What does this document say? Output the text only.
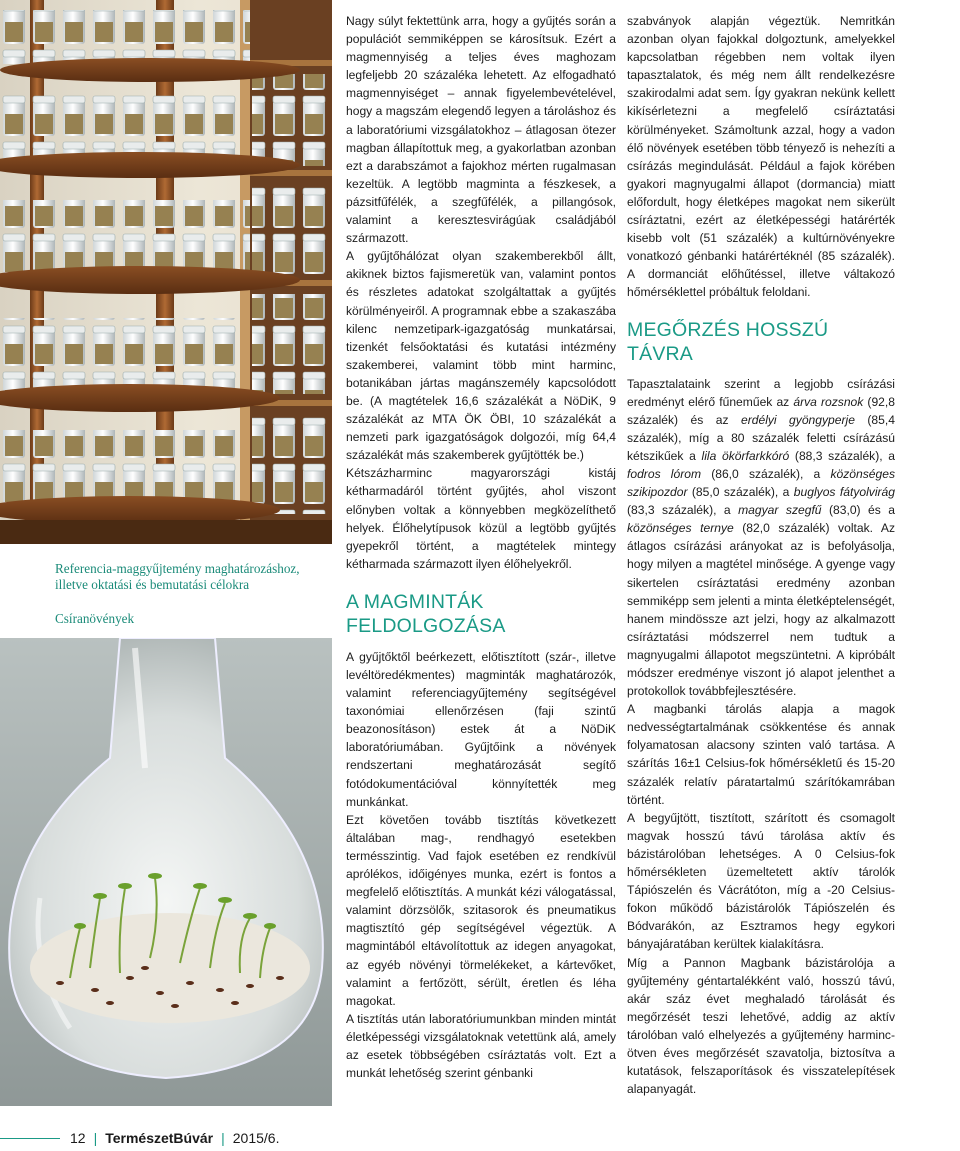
Referencia-maggyűjtemény maghatározáshoz, illetve oktatási és bemutatási célokra
Csíranövények

Nagy súlyt fektettünk arra, hogy a gyűjtés során a populációt semmiképpen se károsítsuk. Ezért a magmennyiség a teljes éves maghozam legfeljebb 20 százaléka lehetett. Az elfogadható magmennyiséget – annak figyelembevételével, hogy a magszám elegendő legyen a tároláshoz és a laboratóriumi vizsgálatokhoz – átlagosan ötezer magban állapítottuk meg, a gyakorlatban azonban ezt a darabszámot a fajokhoz mérten rugalmasan kezeltük. A legtöbb magminta a fészkesek, a pázsitfűfélék, a szegfűfélék, a pillangósok, valamint a keresztesvirágúak családjából származott.

A gyűjtőhálózat olyan szakemberekből állt, akiknek biztos fajismeretük van, valamint pontos és részletes adatokat szolgáltattak a gyűjtés körülményeiről. A programnak ebbe a szakaszába kilenc nemzetipark-igazgatóság munkatársai, tizenkét felsőoktatási és kutatási intézmény szakemberei, valamint több mint harminc, botanikában jártas magánszemély kapcsolódott be. (A magtételek 16,6 százalékát a NöDiK, 9 százalékát az MTA ÖK ÖBI, 10 százalékát a nemzeti park igazgatóságok dolgozói, míg 64,4 százalékát más szakemberek gyűjtötték be.)

Kétszázharminc magyarországi kistáj kétharmadáról történt gyűjtés, ahol viszont előnyben voltak a könnyebben megközelíthető helyek. Élőhelytípusok közül a legtöbb gyűjtés gyepekről történt, a magtételek mintegy kétharmada származott ilyen élőhelyekről.

A MAGMINTÁK FELDOLGOZÁSA

A gyűjtőktől beérkezett, előtisztított (szár-, illetve levéltöredékmentes) magminták maghatározók, valamint referenciagyűjtemény segítségével taxonómiai ellenőrzésen (faji szintű beazonosításon) estek át a NöDiK laboratóriumában. Gyűjtőink a növények rendszertani meghatározását segítő fotódokumentációval könnyítették meg munkánkat.

Ezt követően tovább tisztítás következett általában mag-, rendhagyó esetekben termésszintig. Vad fajok esetében ez rendkívül aprólékos, időigényes munka, ezért is fontos a megfelelő előtisztítás. A munkát kézi válogatással, valamint dörzsölők, szitasorok és pneumatikus magtisztító gép segítségével végeztük. A magmintából eltávolítottuk az idegen anyagokat, az egyéb növényi törmelékeket, a kártevőket, valamint a fertőzött, sérült, éretlen és léha magokat.

A tisztítás után laboratóriumunkban minden mintát életképességi vizsgálatoknak vetettünk alá, amely az esetek többségében csíráztatás volt. Ezt a munkát lehetőség szerint génbanki

szabványok alapján végeztük. Nemritkán azonban olyan fajokkal dolgoztunk, amelyekkel kapcsolatban régebben nem voltak ilyen tapasztalatok, és még nem állt rendelkezésre szakirodalmi adat sem. Így gyakran nekünk kellett kikísérletezni a megfelelő csíráztatási körülményeket. Számoltunk azzal, hogy a vadon élő növények esetében több tényező is nehezíti a csírázás megindulását. Például a fajok körében gyakori magnyugalmi állapot (dormancia) miatt előfordult, hogy életképes magokat nem sikerült csíráztatni, ezért az életképességi határérték kisebb volt (51 százalék) a kultúrnövényekre vonatkozó génbanki határértéknél (85 százalék). A dormanciát előhűtéssel, illetve váltakozó hőmérséklettel próbáltuk feloldani.

MEGŐRZÉS HOSSZÚ TÁVRA

Tapasztalataink szerint a legjobb csírázási eredményt elérő fűneműek az árva rozsnok (92,8 százalék) és az erdélyi gyöngyperje (85,4 százalék), míg a 80 százalék feletti csírázású kétszikűek a lila ökörfarkkóró (88,3 százalék), a fodros lórom (86,0 százalék), a közönséges szikipozdor (85,0 százalék), a buglyos fátyolvirág (83,3 százalék), a magyar szegfű (83,0) és a közönséges ternye (82,0 százalék) voltak. Az átlagos csírázási arányokat az is befolyásolja, hogy milyen a magtétel minősége. A gyenge vagy sikertelen csíráztatási eredmény azonban semmiképp sem jelenti a minta életképtelenségét, hanem mindössze azt jelzi, hogy az alkalmazott csíráztatási módszerrel nem tudtuk a magnyugalmi állapotot megszüntetni. A kipróbált módszer eredménye viszont jó alapot jelenthet a protokollok továbbfejlesztésére.

A magbanki tárolás alapja a magok nedvességtartalmának csökkentése és annak folyamatosan alacsony szinten való tartása. A szárítás 16±1 Celsius-fok hőmérsékletű és 15-20 százalék relatív páratartalmú szárítókamrában történt.

A begyűjtött, tisztított, szárított és csomagolt magvak hosszú távú tárolása aktív és bázistárolóban lehetséges. A 0 Celsius-fok hőmérsékleten üzemeltetett aktív tárolók Tápiószelén és Vácrátóton, míg a -20 Celsius-fokon működő bázistárolók Tápiószelén és Bódvarákón, az Esztramos hegy egykori bányajáratában kerültek kialakításra.

Míg a Pannon Magbank bázistárolója a gyűjtemény géntartalékként való, hosszú távú, akár száz évet meghaladó tárolását és megőrzését teszi lehetővé, addig az aktív tárolóban való elhelyezés a gyűjtemény harminc-ötven éves megőrzését szavatolja, biztosítva a kutatások, felszaporítások és visszatelepítések alapanyagát.

12 | TermészetBúvár | 2015/6.
